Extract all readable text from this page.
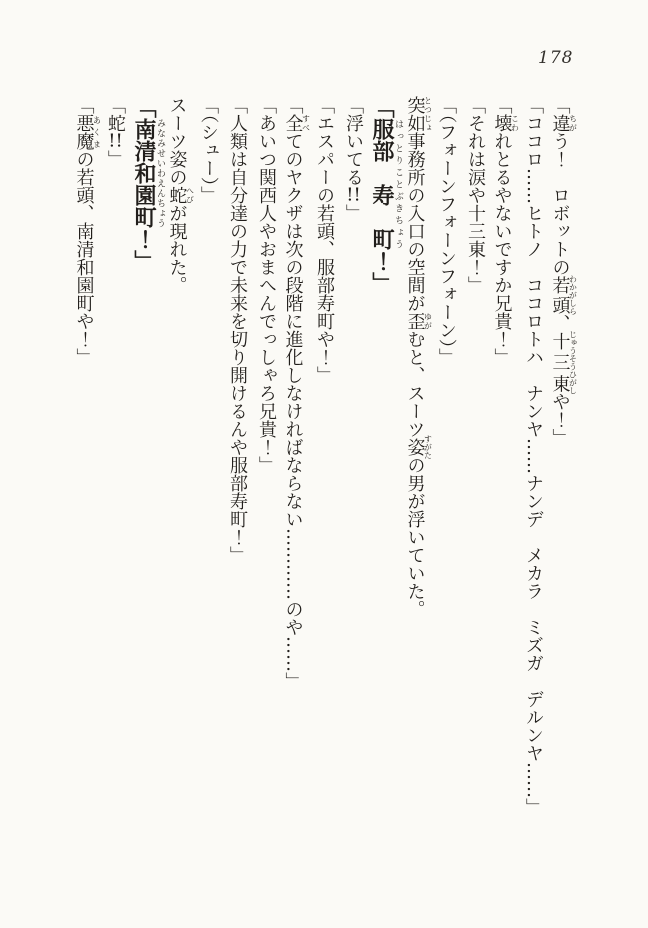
178
「違ちがう！　ロボットの若頭わかがしら、十三東じゅうそうひがしや！」
「ココロ……ヒトノ　ココロトハ　ナンヤ……ナンデ　メカラ　ミズガ　デルンヤ……」
「壊こわれとるやないですか兄貴！」
「それは涙や十三東！」
「（フォーンフォーンフォーン）」
突如とつじょ事務所の入口の空間が歪ゆがむと、スーツ姿すがたの男が浮いていた。
「服部　寿　町はっとりことぶきちょう！」
「浮いてる!!」
「エスパーの若頭、服部寿町や！」
「全すべてのヤクザは次の段階に進化しなければならない…………のや……」
「あいつ関西人やおまへんでっしゃろ兄貴！」
「人類は自分達の力で未来を切り開けるんや服部寿町！」
「（シュー）」
スーツ姿の蛇へびが現れた。
「南清和園町みなみせいわえんちょう！」
「蛇!!」
「悪魔あくまの若頭、南清和園町や！」
